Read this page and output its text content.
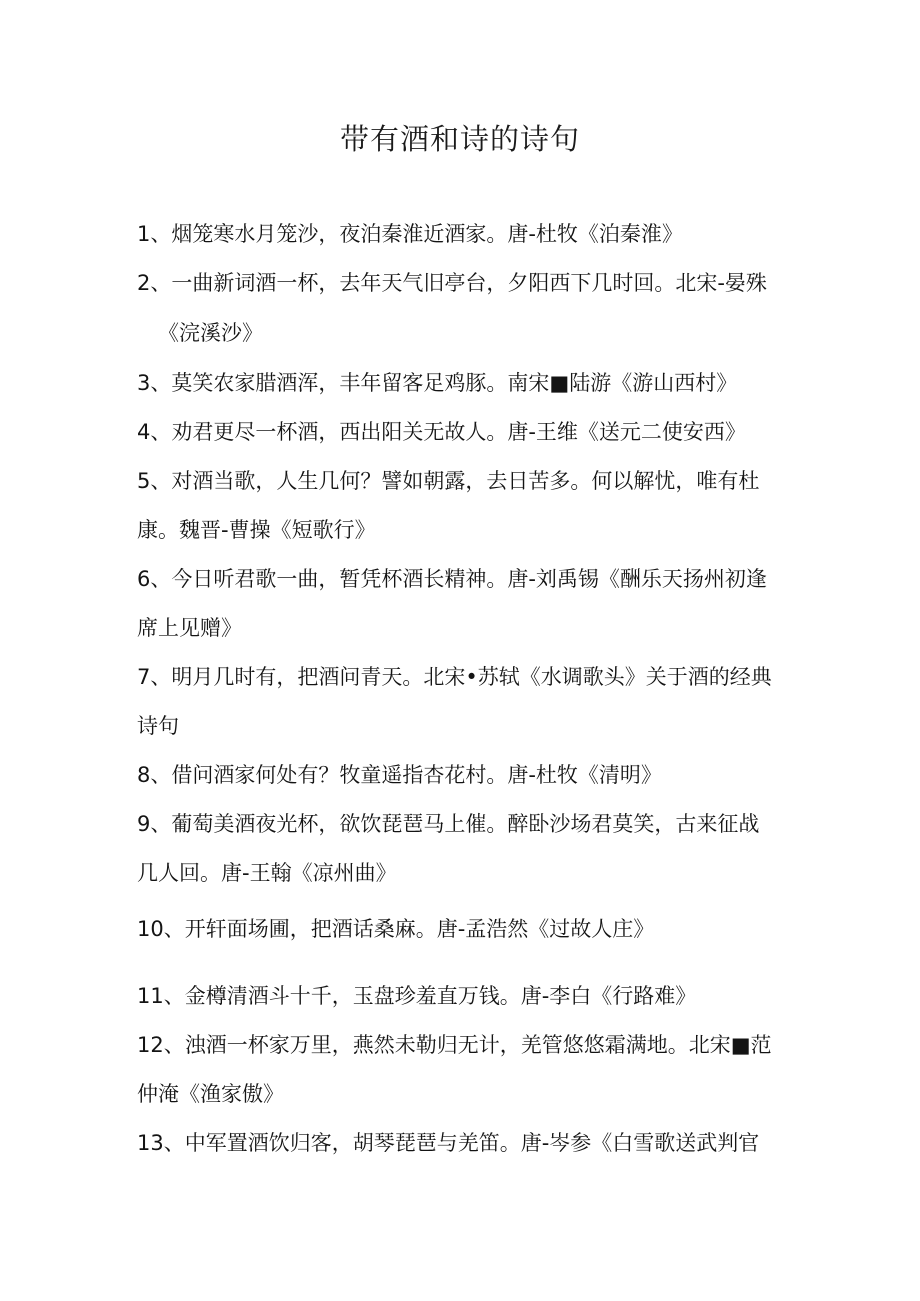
带有酒和诗的诗句
1、烟笼寒水月笼沙，夜泊秦淮近酒家。唐-杜牧《泊秦淮》
2、一曲新词酒一杯，去年天气旧亭台，夕阳西下几时回。北宋-晏殊
《浣溪沙》
3、莫笑农家腊酒浑，丰年留客足鸡豚。南宋■陆游《游山西村》
4、劝君更尽一杯酒，西出阳关无故人。唐-王维《送元二使安西》
5、对酒当歌，人生几何？譬如朝露，去日苦多。何以解忧，唯有杜
康。魏晋-曹操《短歌行》
6、今日听君歌一曲，暂凭杯酒长精神。唐-刘禹锡《酬乐天扬州初逢
席上见赠》
7、明月几时有，把酒问青天。北宋•苏轼《水调歌头》关于酒的经典
诗句
8、借问酒家何处有？牧童遥指杏花村。唐-杜牧《清明》
9、葡萄美酒夜光杯，欲饮琵琶马上催。醉卧沙场君莫笑，古来征战
几人回。唐-王翰《凉州曲》
10、开轩面场圃，把酒话桑麻。唐-孟浩然《过故人庄》
11、金樽清酒斗十千，玉盘珍羞直万钱。唐-李白《行路难》
12、浊酒一杯家万里，燕然未勒归无计，羌管悠悠霜满地。北宋■范
仲淹《渔家傲》
13、中军置酒饮归客，胡琴琵琶与羌笛。唐-岑参《白雪歌送武判官
